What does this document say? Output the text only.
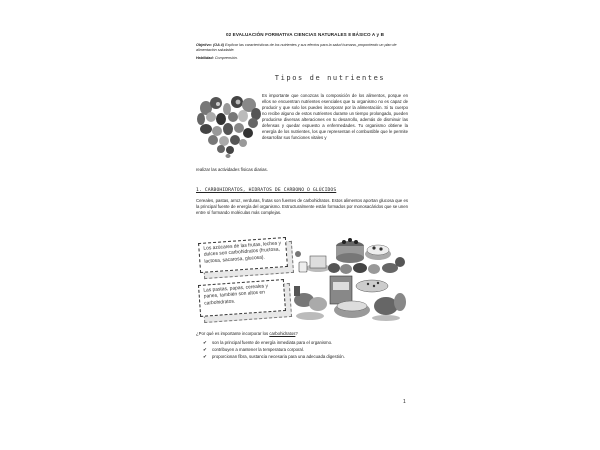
02 EVALUACIÓN FORMATIVA CIENCIAS NATURALES 8 BÁSICO A y B
Objetivo: (OA 4) Explicar las características de los nutrientes y sus efectos para la salud humana, proponiendo un plan de alimentación saludable.
Habilidad: Comprensión.
Tipos de nutrientes
Es importante que conozcas la composición de los alimentos, porque en ellos se encuentran nutrientes esenciales que tu organismo no es capaz de producir y que solo los puedes incorporar por la alimentación. Si tu cuerpo no recibe alguno de estos nutrientes durante un tiempo prolongado, pueden producirse diversas alteraciones en tu desarrollo, además de disminuir las defensas y quedar expuesto a enfermedades. Tu organismo obtiene la energía de los nutrientes, los que representan el combustible que le permite desarrollar sus funciones vitales y
realizar las actividades físicas diarias.
1. CARBOHIDRATOS, HIDRATOS DE CARBONO O GLÚCIDOS
Cereales, pastas, arroz, verduras, frutas son fuentes de carbohidratos. Estos alimentos aportan glucosa que es la principal fuente de energía del organismo. Estructuralmente están formados por monosacáridos que se unen entre sí formando moléculas más complejas.
Los azúcares de las frutas, leches y dulces son carbohidratos (fructosa, lactosa, sacarosa, glucosa).
Las pastas, papas, cereales y panes, también son altos en carbohidratos.
¿Por qué es importante incorporar los carbohidratos?
✔ son la principal fuente de energía inmediata para el organismo.
✔ contribuyen a mantener la temperatura corporal.
✔ proporcionan fibra, sustancia necesaria para una adecuada digestión.
1
